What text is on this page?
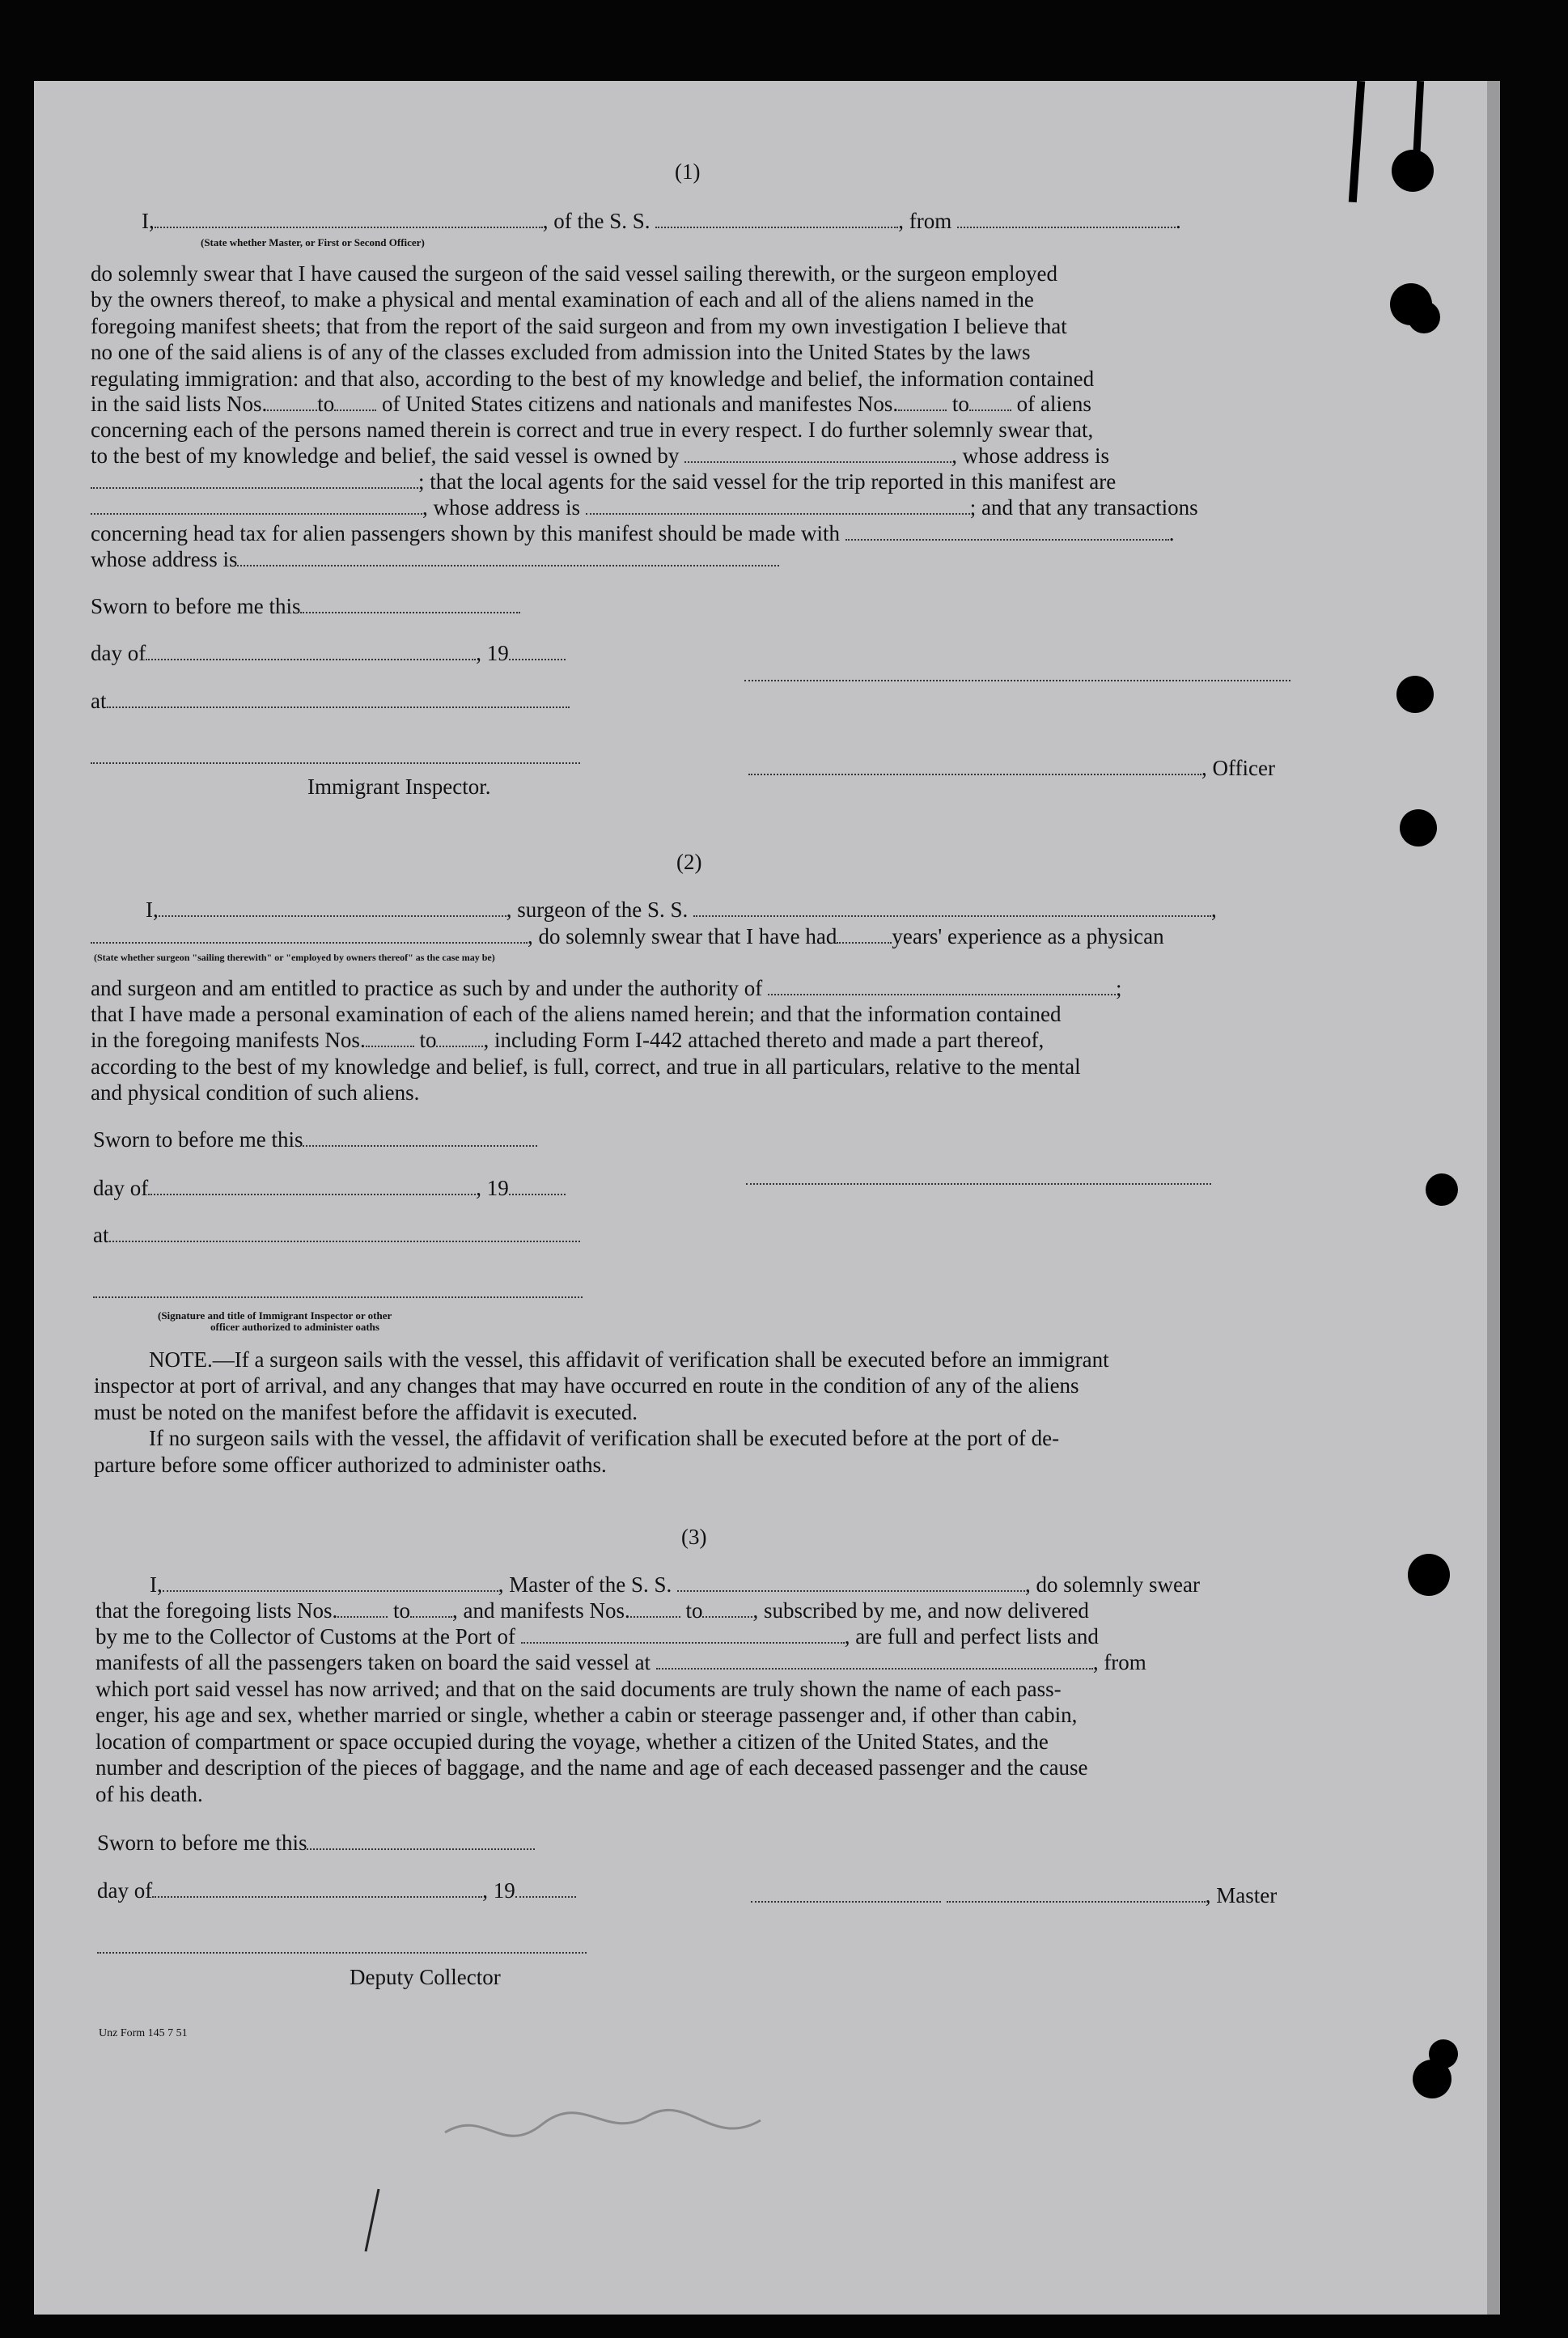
(1)
I,	, of the S. S.	, from	.
(State whether Master, or First or Second Officer)
do solemnly swear that I have caused the surgeon of the said vessel sailing therewith, or the surgeon employed
by the owners thereof, to make a physical and mental examination of each and all of the aliens named in the
foregoing manifest sheets; that from the report of the said surgeon and from my own investigation I believe that
no one of the said aliens is of any of the classes excluded from admission into the United States by the laws
regulating immigration: and that also, according to the best of my knowledge and belief, the information contained
in the said lists Nos. to of United States citizens and nationals and manifestes Nos. to of aliens
concerning each of the persons named therein is correct and true in every respect. I do further solemnly swear that,
to the best of my knowledge and belief, the said vessel is owned by	, whose address is
; that the local agents for the said vessel for the trip reported in this manifest are
, whose address is	; and that any transactions
concerning head tax for alien passengers shown by this manifest should be made with	.
whose address is
Sworn to before me this
day of	, 19
at
Immigrant Inspector.
, Officer
(2)
I,	, surgeon of the S. S.	,
, do solemnly swear that I have had	years' experience as a physican
(State whether surgeon "sailing therewith" or "employed by owners thereof" as the case may be)
and surgeon and am entitled to practice as such by and under the authority of	;
that I have made a personal examination of each of the aliens named herein; and that the information contained
in the foregoing manifests Nos. to , including Form I-442 attached thereto and made a part thereof,
according to the best of my knowledge and belief, is full, correct, and true in all particulars, relative to the mental
and physical condition of such aliens.
Sworn to before me this
day of	, 19
at
(Signature and title of Immigrant Inspector or other
officer authorized to administer oaths
NOTE.—If a surgeon sails with the vessel, this affidavit of verification shall be executed before an immigrant
inspector at port of arrival, and any changes that may have occurred en route in the condition of any of the aliens
must be noted on the manifest before the affidavit is executed.
If no surgeon sails with the vessel, the affidavit of verification shall be executed before at the port of de-
parture before some officer authorized to administer oaths.
(3)
I,	, Master of the S. S.	, do solemnly swear
that the foregoing lists Nos.	to , and manifests Nos.	to , subscribed by me, and now delivered
by me to the Collector of Customs at the Port of	, are full and perfect lists and
manifests of all the passengers taken on board the said vessel at	, from
which port said vessel has now arrived; and that on the said documents are truly shown the name of each pass-
enger, his age and sex, whether married or single, whether a cabin or steerage passenger and, if other than cabin,
location of compartment or space occupied during the voyage, whether a citizen of the United States, and the
number and description of the pieces of baggage, and the name and age of each deceased passenger and the cause
of his death.
Sworn to before me this
day of	, 19	, Master
Deputy Collector
Unz Form 145 7 51
